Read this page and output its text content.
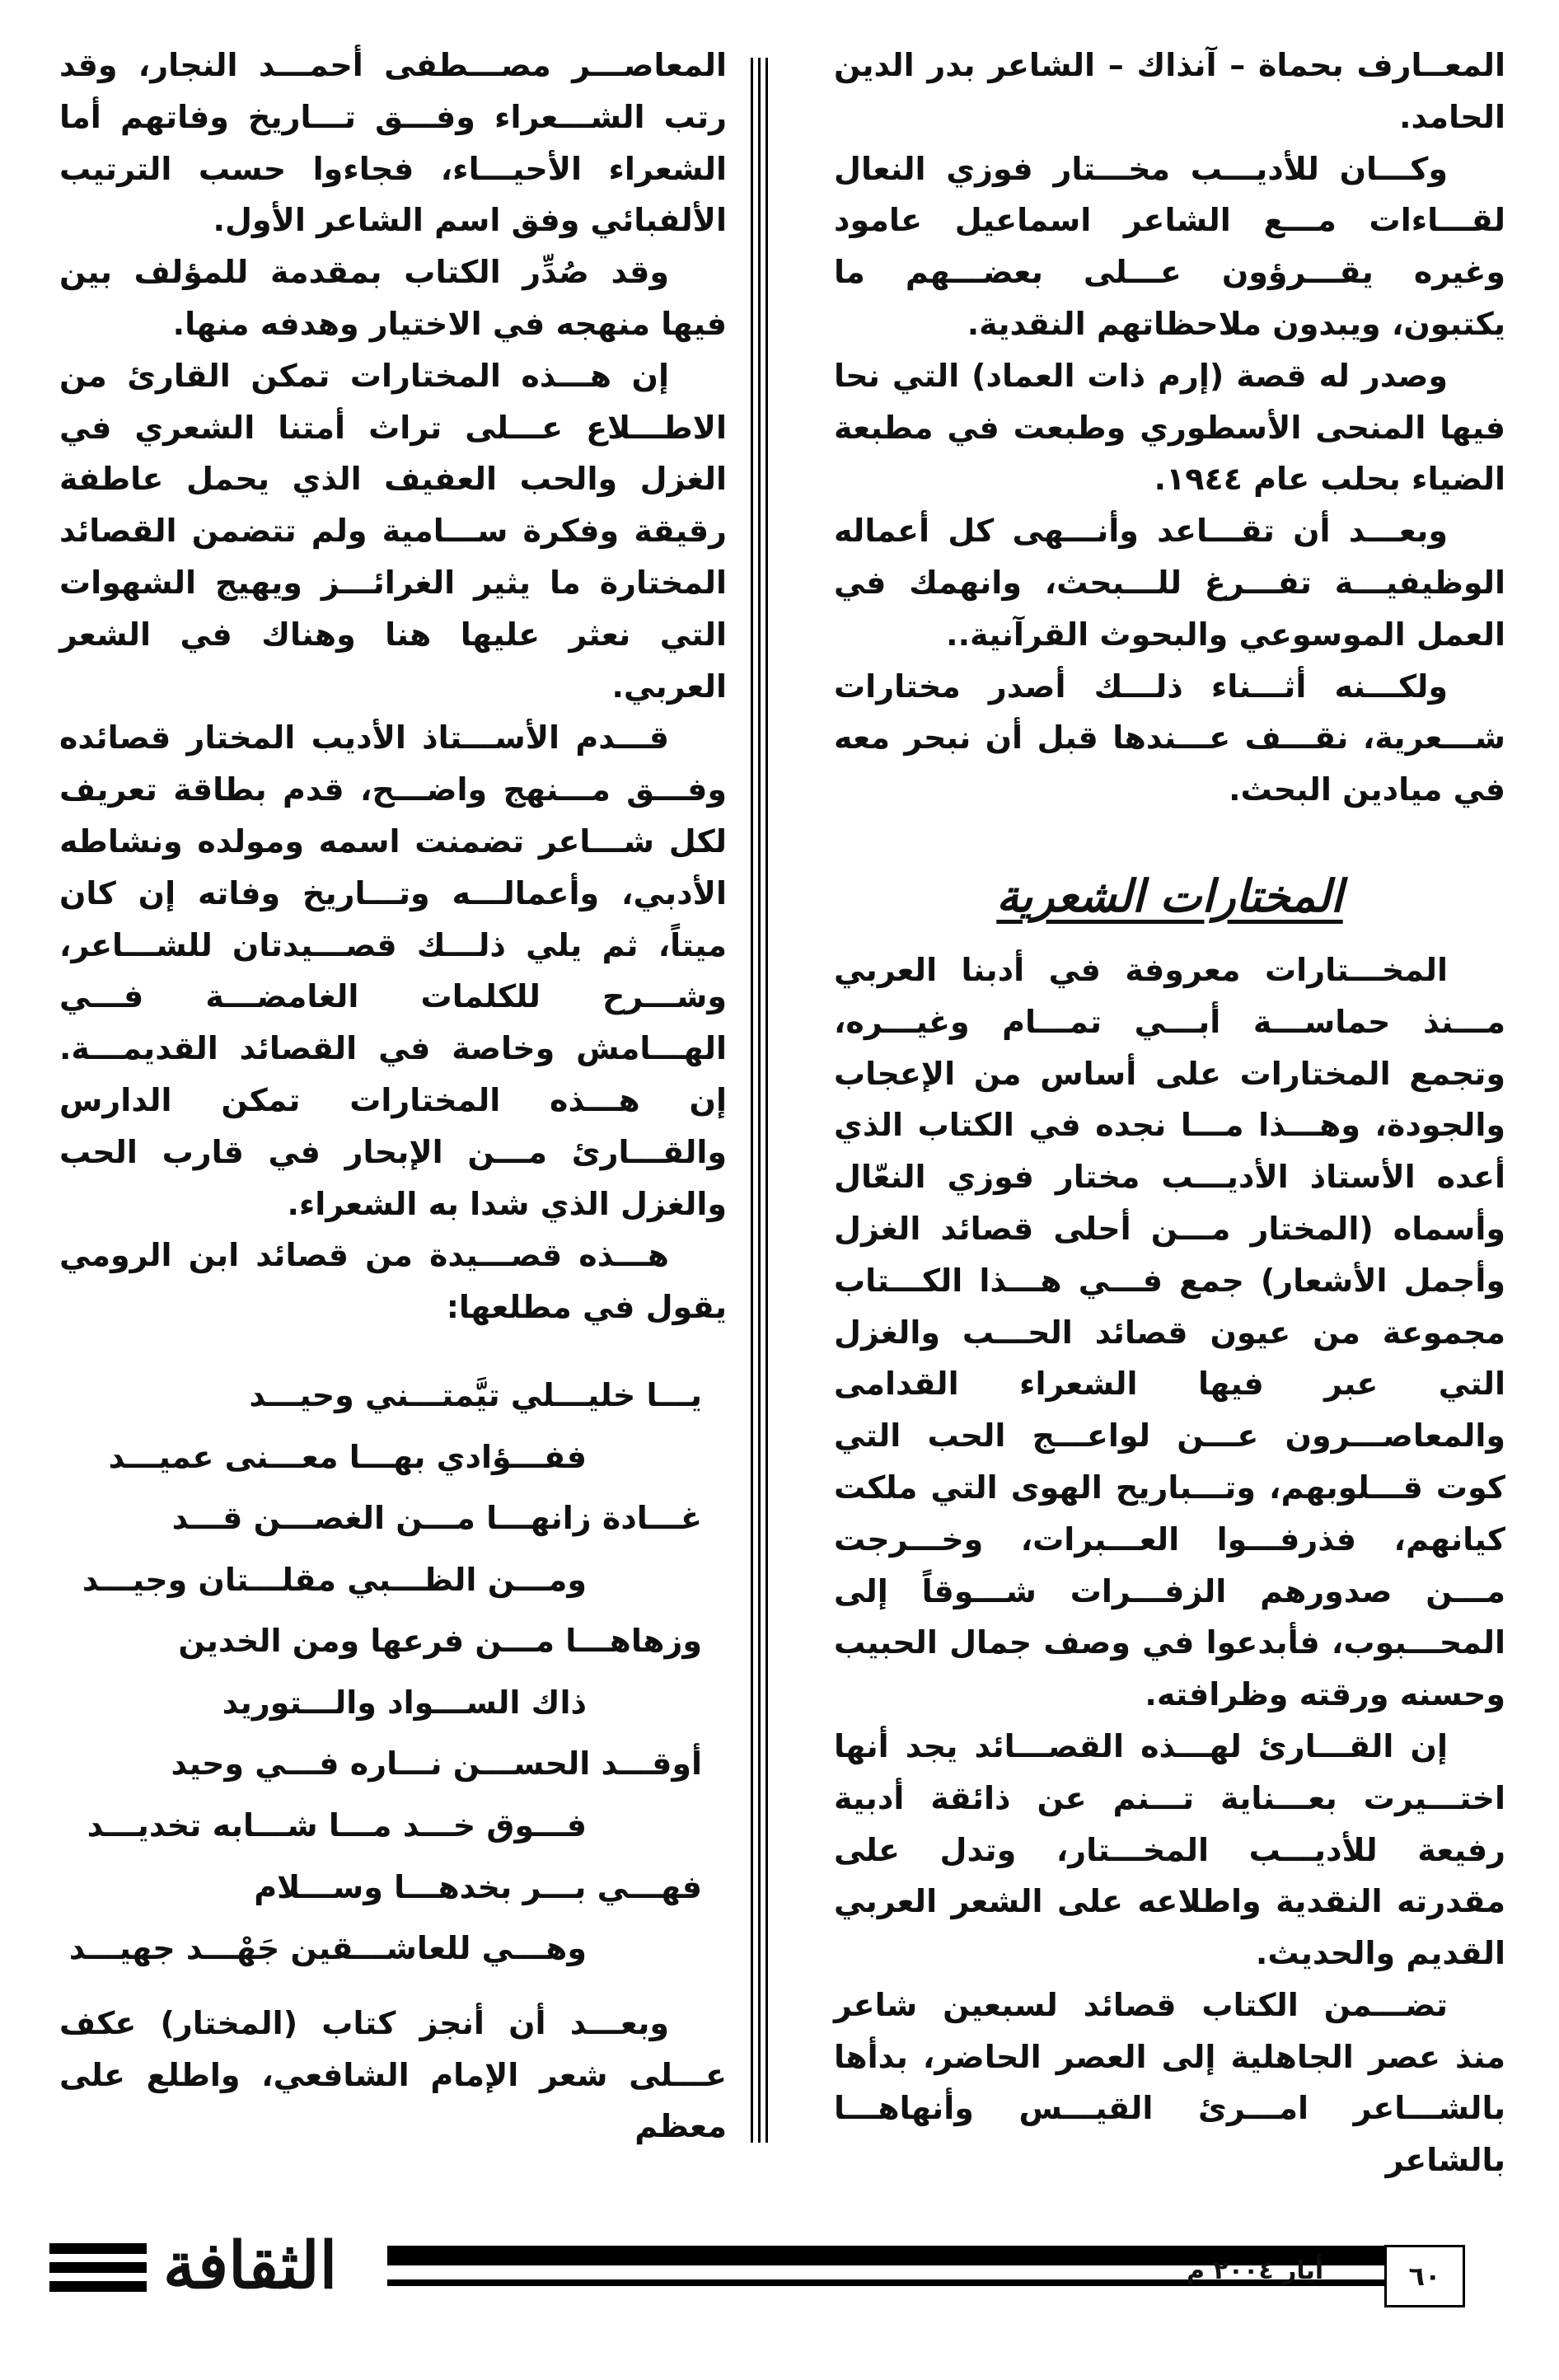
المعــارف بحماة – آنذاك – الشاعر بدر الدين الحامد.

وكـــان للأديـــب مخـــتار فوزي النعال لقـــاءات مـــع الشاعر اسماعيل عامود وغيره يقـــرؤون عـــلى بعضـــهم ما يكتبون، ويبدون ملاحظاتهم النقدية.

وصدر له قصة (إرم ذات العماد) التي نحا فيها المنحى الأسطوري وطبعت في مطبعة الضياء بحلب عام ١٩٤٤.

وبعـــد أن تقـــاعد وأنـــهى كل أعماله الوظيفيـــة تفـــرغ للـــبحث، وانهمك في العمل الموسوعي والبحوث القرآنية..

ولكـــنه أثـــناء ذلـــك أصدر مختارات شـــعرية، نقـــف عـــندها قبل أن نبحر معه في ميادين البحث.

المختارات الشعرية

المخـــتارات معروفة في أدبنا العربي مـــنذ حماســـة أبـــي تمـــام وغيـــره، وتجمع المختارات على أساس من الإعجاب والجودة، وهـــذا مـــا نجده في الكتاب الذي أعده الأستاذ الأديـــب مختار فوزي النعّال وأسماه (المختار مـــن أحلى قصائد الغزل وأجمل الأشعار) جمع فـــي هـــذا الكـــتاب مجموعة من عيون قصائد الحـــب والغزل التي عبر فيها الشعراء القدامى والمعاصـــرون عـــن لواعـــج الحب التي كوت قـــلوبهم، وتـــباريح الهوى التي ملكت كيانهم، فذرفـــوا العـــبرات، وخـــرجت مـــن صدورهم الزفـــرات شـــوقاً إلى المحـــبوب، فأبدعوا في وصف جمال الحبيب وحسنه ورقته وظرافته.

إن القـــارئ لهـــذه القصـــائد يجد أنها اختـــيرت بعـــناية تـــنم عن ذائقة أدبية رفيعة للأديـــب المخـــتار، وتدل على مقدرته النقدية واطلاعه على الشعر العربي القديم والحديث.

تضـــمن الكتاب قصائد لسبعين شاعر منذ عصر الجاهلية إلى العصر الحاضر، بدأها بالشـــاعر امـــرئ القيـــس وأنهاهـــا بالشاعر

المعاصـــر مصـــطفى أحمـــد النجار، وقد رتب الشـــعراء وفـــق تـــاريخ وفاتهم أما الشعراء الأحيـــاء، فجاءوا حسب الترتيب الألفبائي وفق اسم الشاعر الأول.

وقد صُدِّر الكتاب بمقدمة للمؤلف بين فيها منهجه في الاختيار وهدفه منها.

إن هـــذه المختارات تمكن القارئ من الاطـــلاع عـــلى تراث أمتنا الشعري في الغزل والحب العفيف الذي يحمل عاطفة رقيقة وفكرة ســـامية ولم تتضمن القصائد المختارة ما يثير الغرائـــز ويهيج الشهوات التي نعثر عليها هنا وهناك في الشعر العربي.

قـــدم الأســـتاذ الأديب المختار قصائده وفـــق مـــنهج واضـــح، قدم بطاقة تعريف لكل شـــاعر تضمنت اسمه ومولده ونشاطه الأدبي، وأعمالـــه وتـــاريخ وفاته إن كان ميتاً، ثم يلي ذلـــك قصـــيدتان للشـــاعر، وشـــرح للكلمات الغامضـــة فـــي الهـــامش وخاصة في القصائد القديمـــة. إن هـــذه المختارات تمكن الدارس والقـــارئ مـــن الإبحار في قارب الحب والغزل الذي شدا به الشعراء.

هـــذه قصـــيدة من قصائد ابن الرومي يقول في مطلعها:

يـــا خليـــلي تيَّمتـــني وحيـــد
ففـــؤادي بهـــا معـــنى عميـــد
غـــادة زانهـــا مـــن الغصـــن قـــد
ومـــن الظـــبي مقلـــتان وجيـــد
وزهاهـــا مـــن فرعها ومن الخدين
ذاك الســـواد والـــتوريد
أوقـــد الحســـن نـــاره فـــي وحيد
فـــوق خـــد مـــا شـــابه تخديـــد
فهـــي بـــر بخدهـــا وســـلام
وهـــي للعاشـــقين جَهْـــد جهيـــد

وبعـــد أن أنجز كتاب (المختار) عكف عـــلى شعر الإمام الشافعي، واطلع على معظم

الثقافة	أيار ٢٠٠٤ م	٦٠
